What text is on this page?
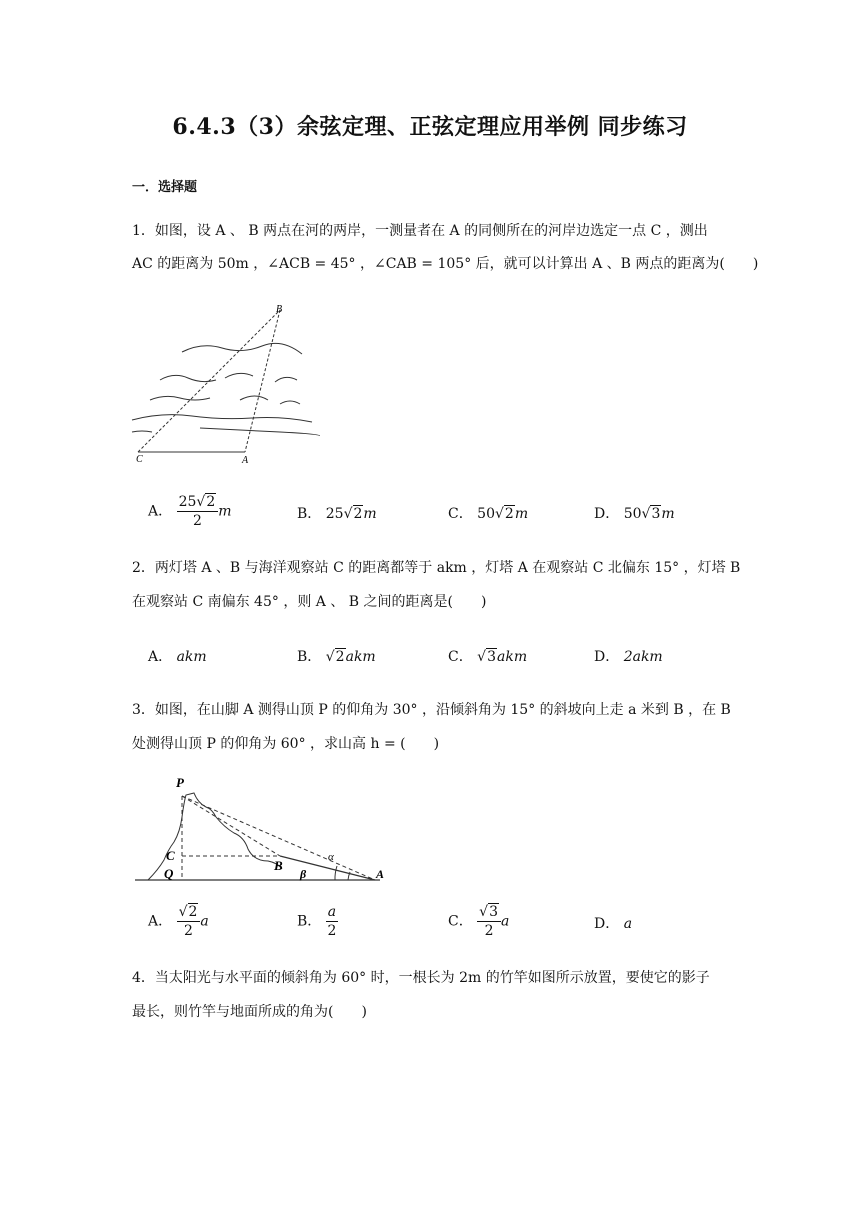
6.4.3（3）余弦定理、正弦定理应用举例 同步练习
一．选择题
1．如图，设 A 、 B 两点在河的两岸，一测量者在 A 的同侧所在的河岸边选定一点 C ，测出
AC 的距离为 50m ，∠ACB = 45° ，∠CAB = 105° 后，就可以计算出 A 、B 两点的距离为(　　)
B
C	A
A． $\frac{25√2}{2}$ m	B． 25√2m	C． 50√2m	D． 50√3m
2．两灯塔 A 、B 与海洋观察站 C 的距离都等于 akm ，灯塔 A 在观察站 C 北偏东 15° ，灯塔 B
在观察站 C 南偏东 45° ，则 A 、 B 之间的距离是(　　)
A． akm	B． √2akm	C． √3akm	D． 2akm
3．如图，在山脚 A 测得山顶 P 的仰角为 30° ，沿倾斜角为 15° 的斜坡向上走 a 米到 B ，在 B
处测得山顶 P 的仰角为 60° ，求山高 h = (　　)
P
C
Q
B
A
α
β
A． $\frac{√2}{2}$ a	B． $\frac{a}{2}$	C． $\frac{√3}{2}$ a	D． a
4．当太阳光与水平面的倾斜角为 60° 时，一根长为 2m 的竹竿如图所示放置，要使它的影子
最长，则竹竿与地面所成的角为(　　)
